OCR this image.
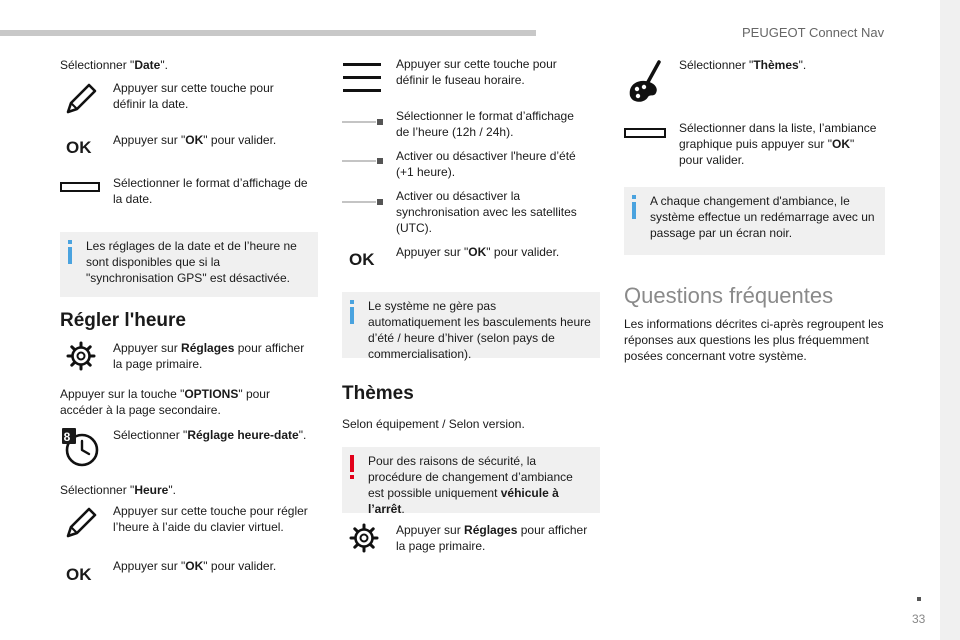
PEUGEOT Connect Nav
33
Sélectionner "Date".
Appuyer sur cette touche pour définir la date.
OK Appuyer sur "OK" pour valider.
Sélectionner le format d’affichage de la date.
Les réglages de la date et de l’heure ne sont disponibles que si la "synchronisation GPS" est désactivée.
Régler l'heure
Appuyer sur Réglages pour afficher la page primaire.
Appuyer sur la touche "OPTIONS" pour accéder à la page secondaire.
8	Sélectionner "Réglage heure-date".
Sélectionner "Heure".
Appuyer sur cette touche pour régler l’heure à l’aide du clavier virtuel.
OK Appuyer sur "OK" pour valider.
Appuyer sur cette touche pour définir le fuseau horaire.
Sélectionner le format d’affichage de l’heure (12h / 24h).
Activer ou désactiver l'heure d’été (+1 heure).
Activer ou désactiver la synchronisation avec les satellites (UTC).
OK Appuyer sur "OK" pour valider.
Le système ne gère pas automatiquement les basculements heure d’été / heure d’hiver (selon pays de commercialisation).
Thèmes
Selon équipement / Selon version.
Pour des raisons de sécurité, la procédure de changement d’ambiance est possible uniquement véhicule à l’arrêt.
Appuyer sur Réglages pour afficher la page primaire.
Sélectionner "Thèmes".
Sélectionner dans la liste, l’ambiance graphique puis appuyer sur "OK" pour valider.
A chaque changement d'ambiance, le système effectue un redémarrage avec un passage par un écran noir.
Questions fréquentes
Les informations décrites ci-après regroupent les réponses aux questions les plus fréquemment posées concernant votre système.
